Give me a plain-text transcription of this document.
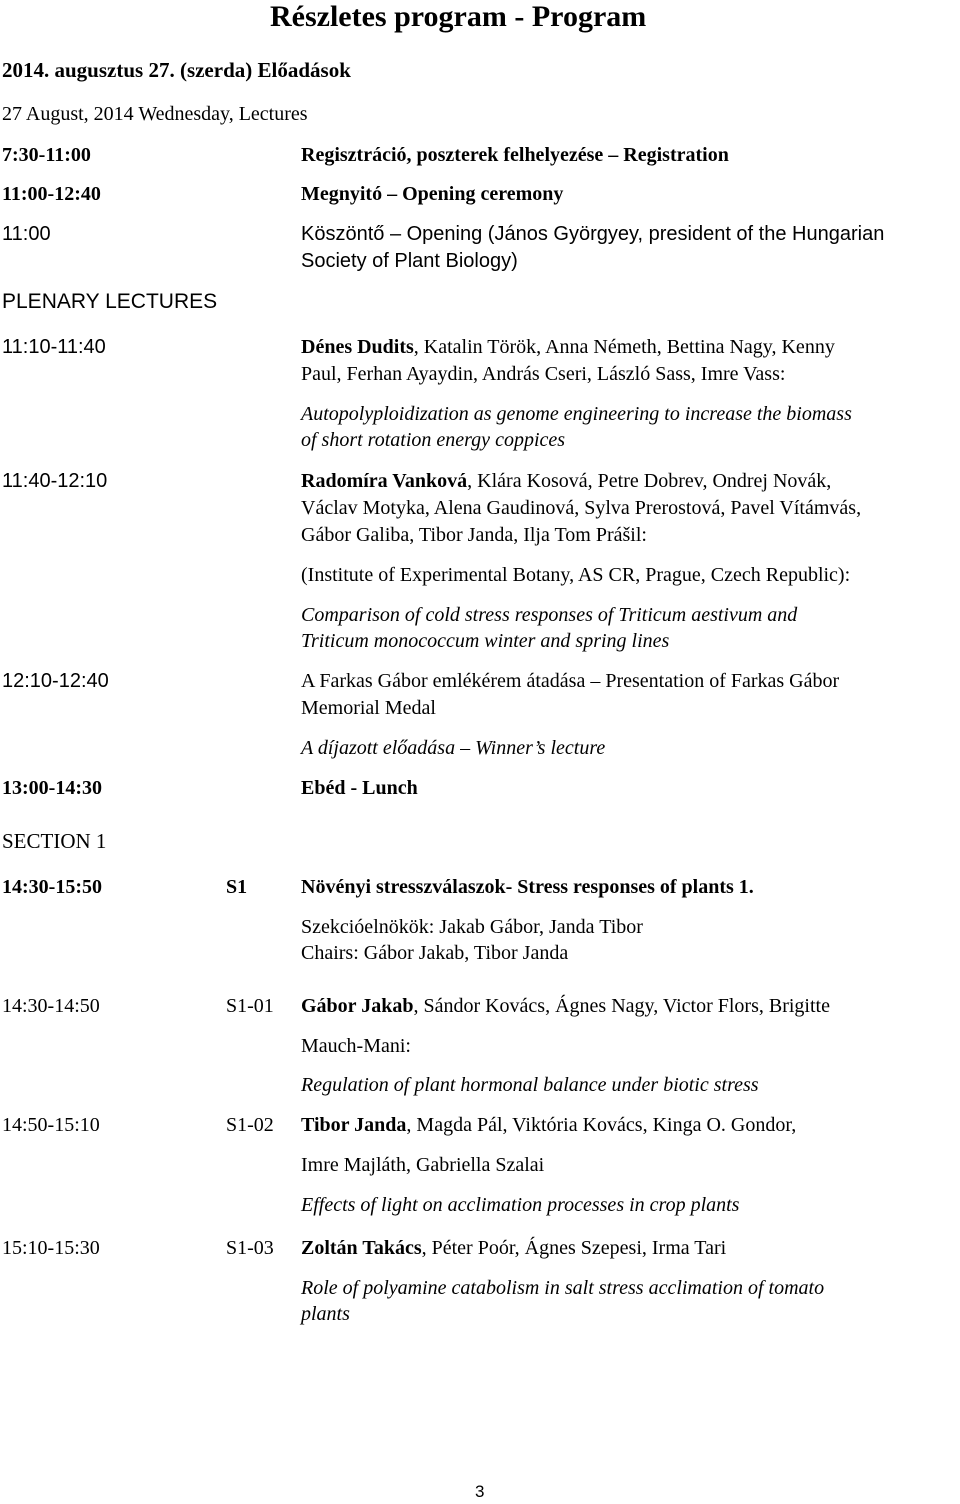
Részletes program - Program
2014. augusztus 27. (szerda) Előadások
27 August, 2014 Wednesday, Lectures
7:30-11:00	Regisztráció, poszterek felhelyezése – Registration
11:00-12:40	Megnyitó – Opening ceremony
11:00	Köszöntő – Opening (János Györgyey, president of the Hungarian
Society of Plant Biology)
PLENARY LECTURES
11:10-11:40	Dénes Dudits, Katalin Török, Anna Németh, Bettina Nagy, Kenny
Paul, Ferhan Ayaydin, András Cseri, László Sass, Imre Vass:
Autopolyploidization as genome engineering to increase the biomass
of short rotation energy coppices
11:40-12:10	Radomíra Vanková, Klára Kosová, Petre Dobrev, Ondrej Novák,
Václav Motyka, Alena Gaudinová, Sylva Prerostová, Pavel Vítámvás,
Gábor Galiba, Tibor Janda, Ilja Tom Prášil:
(Institute of Experimental Botany, AS CR, Prague, Czech Republic):
Comparison of cold stress responses of Triticum aestivum and
Triticum monococcum winter and spring lines
12:10-12:40	A Farkas Gábor emlékérem átadása – Presentation of Farkas Gábor
Memorial Medal
A díjazott előadása – Winner’s lecture
13:00-14:30	Ebéd - Lunch
SECTION 1
14:30-15:50	S1	Növényi stresszválaszok- Stress responses of plants 1.
Szekcióelnökök: Jakab Gábor, Janda Tibor
Chairs: Gábor Jakab, Tibor Janda
14:30-14:50	S1-01 Gábor Jakab, Sándor Kovács, Ágnes Nagy, Victor Flors, Brigitte
Mauch-Mani:
Regulation of plant hormonal balance under biotic stress
14:50-15:10	S1-02 Tibor Janda, Magda Pál, Viktória Kovács, Kinga O. Gondor,
Imre Majláth, Gabriella Szalai
Effects of light on acclimation processes in crop plants
15:10-15:30	S1-03 Zoltán Takács, Péter Poór, Ágnes Szepesi, Irma Tari
Role of polyamine catabolism in salt stress acclimation of tomato
plants
3
